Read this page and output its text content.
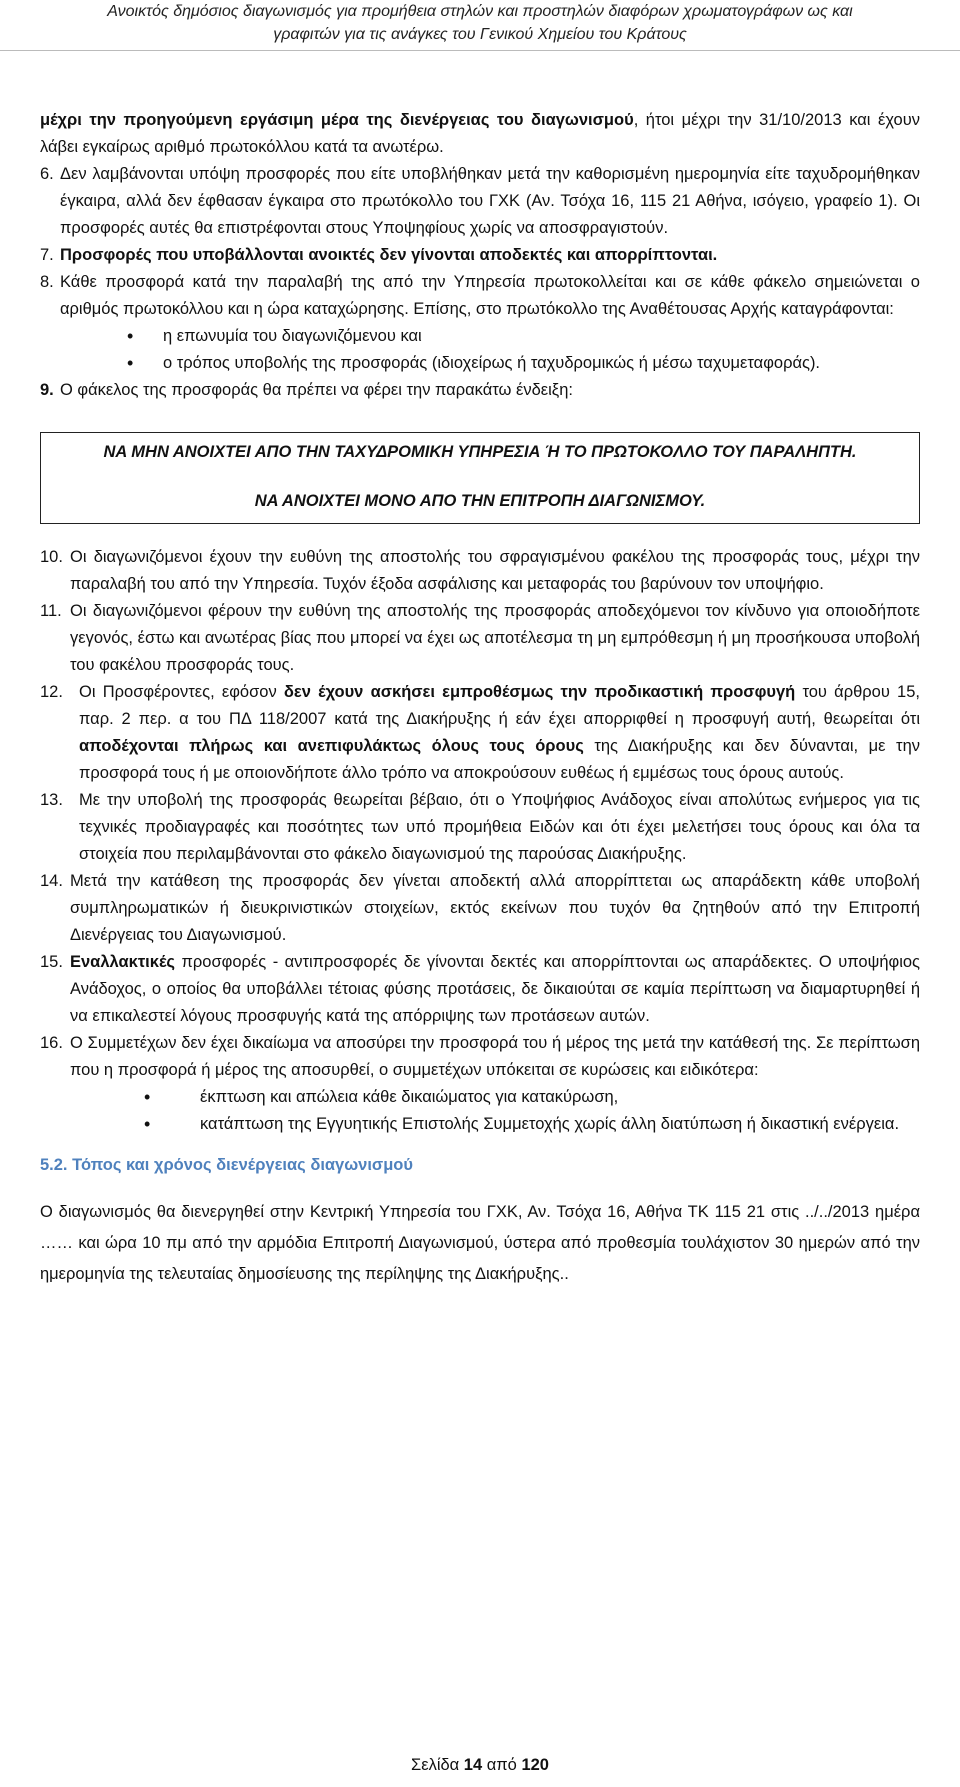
Ανοικτός δημόσιος διαγωνισμός για προμήθεια στηλών και προστηλών διαφόρων χρωματογράφων ως και
γραφιτών για τις ανάγκες του Γενικού Χημείου του Κράτους
μέχρι την προηγούμενη εργάσιμη μέρα της διενέργειας του διαγωνισμού, ήτοι μέχρι την 31/10/2013 και έχουν λάβει εγκαίρως αριθμό πρωτοκόλλου κατά τα ανωτέρω.
6. Δεν λαμβάνονται υπόψη προσφορές που είτε υποβλήθηκαν μετά την καθορισμένη ημερομηνία είτε ταχυδρομήθηκαν έγκαιρα, αλλά δεν έφθασαν έγκαιρα στο πρωτόκολλο του ΓΧΚ (Αν. Τσόχα 16, 115 21 Αθήνα, ισόγειο, γραφείο 1). Οι προσφορές αυτές θα επιστρέφονται στους Υποψηφίους χωρίς να αποσφραγιστούν.
7. Προσφορές που υποβάλλονται ανοικτές δεν γίνονται αποδεκτές και απορρίπτονται.
8. Κάθε προσφορά κατά την παραλαβή της από την Υπηρεσία πρωτοκολλείται και σε κάθε φάκελο σημειώνεται ο αριθμός πρωτοκόλλου και η ώρα καταχώρησης. Επίσης, στο πρωτόκολλο της Αναθέτουσας Αρχής καταγράφονται:
• η επωνυμία του διαγωνιζόμενου και
• ο τρόπος υποβολής της προσφοράς (ιδιοχείρως ή ταχυδρομικώς ή μέσω ταχυμεταφοράς).
9. Ο φάκελος της προσφοράς θα πρέπει να φέρει την παρακάτω ένδειξη:
ΝΑ ΜΗΝ ΑΝΟΙΧΤΕΙ ΑΠΟ ΤΗΝ ΤΑΧΥΔΡΟΜΙΚΗ ΥΠΗΡΕΣΙΑ Ή ΤΟ ΠΡΩΤΟΚΟΛΛΟ ΤΟΥ ΠΑΡΑΛΗΠΤΗ.
ΝΑ ΑΝΟΙΧΤΕΙ ΜΟΝΟ ΑΠΟ ΤΗΝ ΕΠΙΤΡΟΠΗ ΔΙΑΓΩΝΙΣΜΟΥ.
10. Οι διαγωνιζόμενοι έχουν την ευθύνη της αποστολής του σφραγισμένου φακέλου της προσφοράς τους, μέχρι την παραλαβή του από την Υπηρεσία. Τυχόν έξοδα ασφάλισης και μεταφοράς του βαρύνουν τον υποψήφιο.
11. Οι διαγωνιζόμενοι φέρουν την ευθύνη της αποστολής της προσφοράς αποδεχόμενοι τον κίνδυνο για οποιοδήποτε γεγονός, έστω και ανωτέρας βίας που μπορεί να έχει ως αποτέλεσμα τη μη εμπρόθεσμη ή μη προσήκουσα υποβολή του φακέλου προσφοράς τους.
12. Οι Προσφέροντες, εφόσον δεν έχουν ασκήσει εμπροθέσμως την προδικαστική προσφυγή του άρθρου 15, παρ. 2 περ. α του ΠΔ 118/2007 κατά της Διακήρυξης ή εάν έχει απορριφθεί η προσφυγή αυτή, θεωρείται ότι αποδέχονται πλήρως και ανεπιφυλάκτως όλους τους όρους της Διακήρυξης και δεν δύνανται, με την προσφορά τους ή με οποιονδήποτε άλλο τρόπο να αποκρούσουν ευθέως ή εμμέσως τους όρους αυτούς.
13. Με την υποβολή της προσφοράς θεωρείται βέβαιο, ότι ο Υποψήφιος Ανάδοχος είναι απολύτως ενήμερος για τις τεχνικές προδιαγραφές και ποσότητες των υπό προμήθεια Ειδών και ότι έχει μελετήσει τους όρους και όλα τα στοιχεία που περιλαμβάνονται στο φάκελο διαγωνισμού της παρούσας Διακήρυξης.
14. Μετά την κατάθεση της προσφοράς δεν γίνεται αποδεκτή αλλά απορρίπτεται ως απαράδεκτη κάθε υποβολή συμπληρωματικών ή διευκρινιστικών στοιχείων, εκτός εκείνων που τυχόν θα ζητηθούν από την Επιτροπή Διενέργειας του Διαγωνισμού.
15. Εναλλακτικές προσφορές - αντιπροσφορές δε γίνονται δεκτές και απορρίπτονται ως απαράδεκτες. Ο υποψήφιος Ανάδοχος, ο οποίος θα υποβάλλει τέτοιας φύσης προτάσεις, δε δικαιούται σε καμία περίπτωση να διαμαρτυρηθεί ή να επικαλεστεί λόγους προσφυγής κατά της απόρριψης των προτάσεων αυτών.
16. Ο Συμμετέχων δεν έχει δικαίωμα να αποσύρει την προσφορά του ή μέρος της μετά την κατάθεσή της. Σε περίπτωση που η προσφορά ή μέρος της αποσυρθεί, ο συμμετέχων υπόκειται σε κυρώσεις και ειδικότερα:
• έκπτωση και απώλεια κάθε δικαιώματος για κατακύρωση,
• κατάπτωση της Εγγυητικής Επιστολής Συμμετοχής χωρίς άλλη διατύπωση ή δικαστική ενέργεια.
5.2. Τόπος και χρόνος διενέργειας διαγωνισμού
Ο διαγωνισμός θα διενεργηθεί στην Κεντρική Υπηρεσία του ΓΧΚ, Αν. Τσόχα 16, Αθήνα ΤΚ 115 21 στις ../../2013 ημέρα …… και ώρα 10 πμ από την αρμόδια Επιτροπή Διαγωνισμού, ύστερα από προθεσμία τουλάχιστον 30 ημερών από την ημερομηνία της τελευταίας δημοσίευσης της περίληψης της Διακήρυξης..
Σελίδα 14 από 120
